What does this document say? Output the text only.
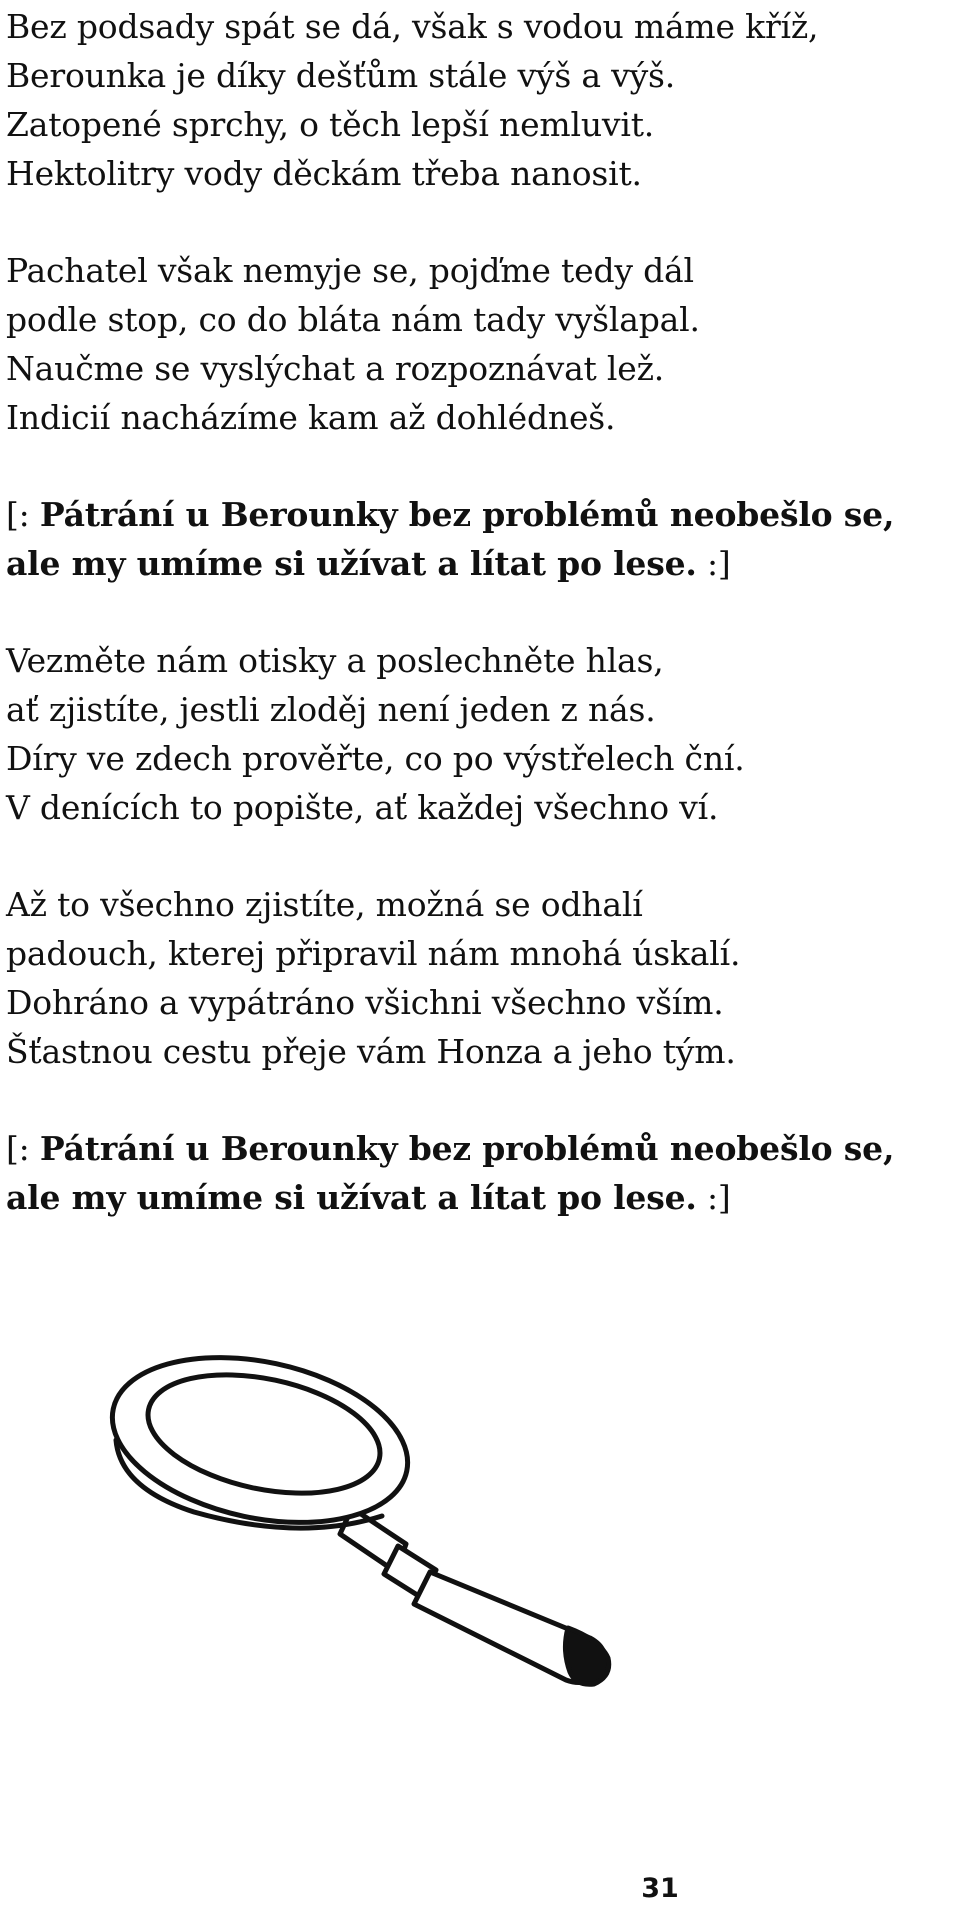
Bez podsady spát se dá, však s vodou máme kříž,
Berounka je díky dešťům stále výš a výš.
Zatopené sprchy, o těch lepší nemluvit.
Hektolitry vody děckám třeba nanosit.
Pachatel však nemyje se, pojďme tedy dál
podle stop, co do bláta nám tady vyšlapal.
Naučme se vyslýchat a rozpoznávat lež.
Indicií nacházíme kam až dohlédneš.
[: Pátrání u Berounky bez problémů neobešlo se,
ale my umíme si užívat a lítat po lese. :]
Vezměte nám otisky a poslechněte hlas,
ať zjistíte, jestli zloděj není jeden z nás.
Díry ve zdech prověřte, co po výstřelech ční.
V denících to popište, ať každej všechno ví.
Až to všechno zjistíte, možná se odhalí
padouch, kterej připravil nám mnohá úskalí.
Dohráno a vypátráno všichni všechno vším.
Šťastnou cestu přeje vám Honza a jeho tým.
[: Pátrání u Berounky bez problémů neobešlo se,
ale my umíme si užívat a lítat po lese. :]
31
